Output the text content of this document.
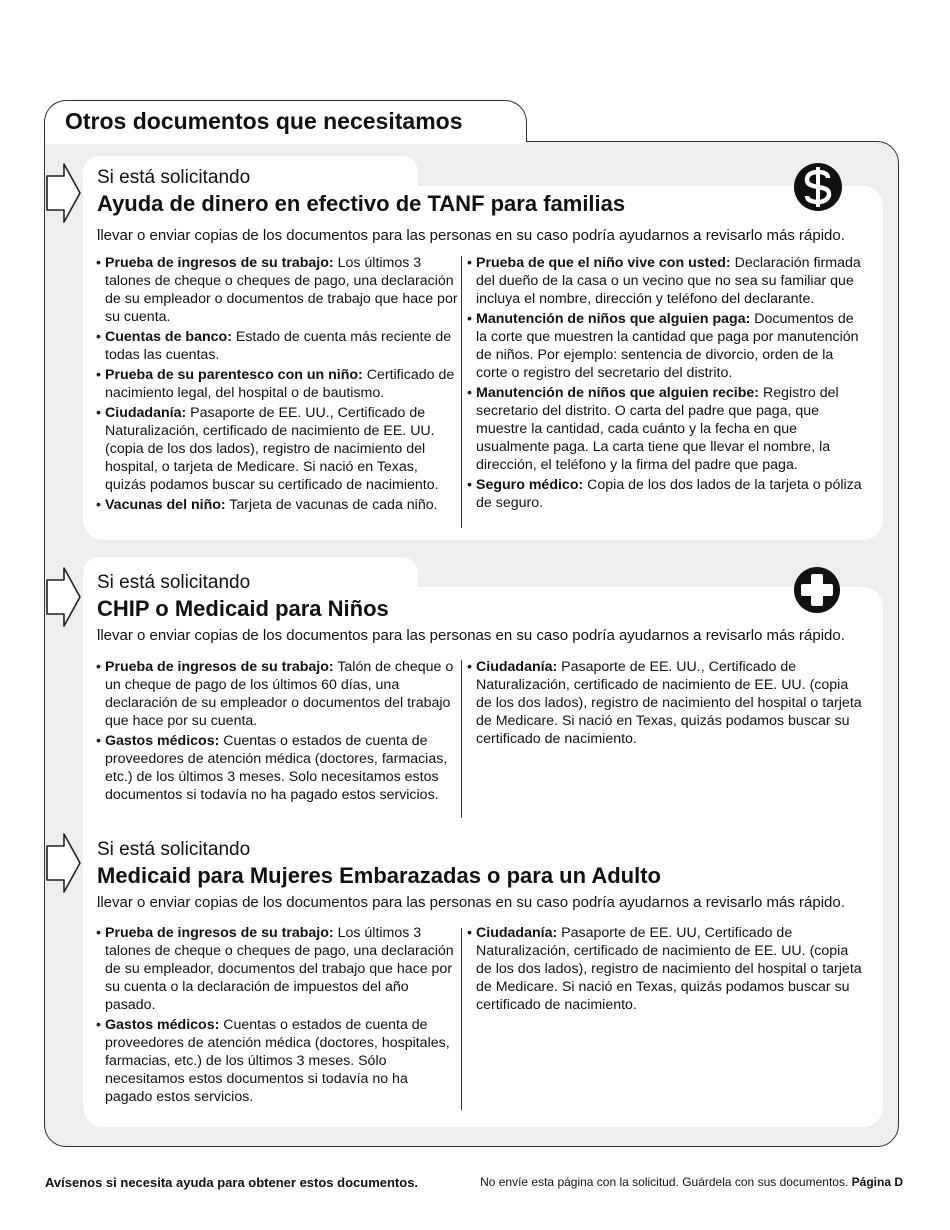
Otros documentos que necesitamos

Si está solicitando

Ayuda de dinero en efectivo de TANF para familias

llevar o enviar copias de los documentos para las personas en su caso podría ayudarnos a revisarlo más rápido.

• Prueba de ingresos de su trabajo: Los últimos 3 talones de cheque o cheques de pago, una declaración de su empleador o documentos de trabajo que hace por su cuenta.
• Cuentas de banco: Estado de cuenta más reciente de todas las cuentas.
• Prueba de su parentesco con un niño: Certificado de nacimiento legal, del hospital o de bautismo.
• Ciudadanía: Pasaporte de EE. UU., Certificado de Naturalización, certificado de nacimiento de EE. UU. (copia de los dos lados), registro de nacimiento del hospital, o tarjeta de Medicare. Si nació en Texas, quizás podamos buscar su certificado de nacimiento.
• Vacunas del niño: Tarjeta de vacunas de cada niño.
• Prueba de que el niño vive con usted: Declaración firmada del dueño de la casa o un vecino que no sea su familiar que incluya el nombre, dirección y teléfono del declarante.
• Manutención de niños que alguien paga: Documentos de la corte que muestren la cantidad que paga por manutención de niños. Por ejemplo: sentencia de divorcio, orden de la corte o registro del secretario del distrito.
• Manutención de niños que alguien recibe: Registro del secretario del distrito. O carta del padre que paga, que muestre la cantidad, cada cuánto y la fecha en que usualmente paga. La carta tiene que llevar el nombre, la dirección, el teléfono y la firma del padre que paga.
• Seguro médico: Copia de los dos lados de la tarjeta o póliza de seguro.

Si está solicitando

CHIP o Medicaid para Niños

llevar o enviar copias de los documentos para las personas en su caso podría ayudarnos a revisarlo más rápido.

• Prueba de ingresos de su trabajo: Talón de cheque o un cheque de pago de los últimos 60 días, una declaración de su empleador o documentos del trabajo que hace por su cuenta.
• Gastos médicos: Cuentas o estados de cuenta de proveedores de atención médica (doctores, farmacias, etc.) de los últimos 3 meses. Solo necesitamos estos documentos si todavía no ha pagado estos servicios.
• Ciudadanía: Pasaporte de EE. UU., Certificado de Naturalización, certificado de nacimiento de EE. UU. (copia de los dos lados), registro de nacimiento del hospital o tarjeta de Medicare. Si nació en Texas, quizás podamos buscar su certificado de nacimiento.

Si está solicitando

Medicaid para Mujeres Embarazadas o para un Adulto

llevar o enviar copias de los documentos para las personas en su caso podría ayudarnos a revisarlo más rápido.

• Prueba de ingresos de su trabajo: Los últimos 3 talones de cheque o cheques de pago, una declaración de su empleador, documentos del trabajo que hace por su cuenta o la declaración de impuestos del año pasado.
• Gastos médicos: Cuentas o estados de cuenta de proveedores de atención médica (doctores, hospitales, farmacias, etc.) de los últimos 3 meses. Sólo necesitamos estos documentos si todavía no ha pagado estos servicios.
• Ciudadanía: Pasaporte de EE. UU, Certificado de Naturalización, certificado de nacimiento de EE. UU. (copia de los dos lados), registro de nacimiento del hospital o tarjeta de Medicare. Si nació en Texas, quizás podamos buscar su certificado de nacimiento.

Avísenos si necesita ayuda para obtener estos documentos.	No envíe esta página con la solicitud. Guárdela con sus documentos. Página D
